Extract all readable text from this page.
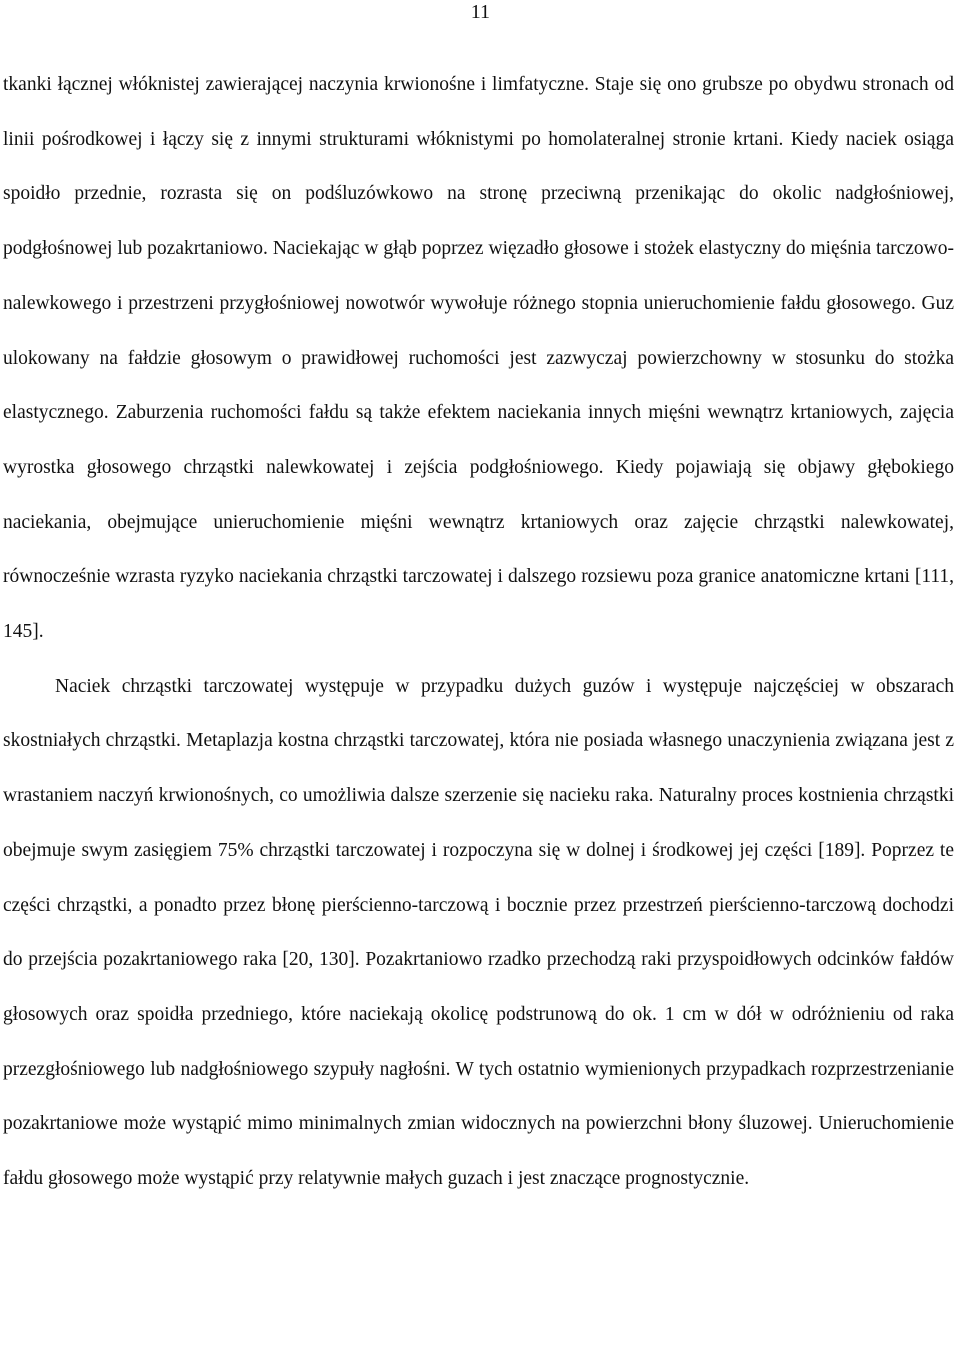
11

tkanki łącznej włóknistej zawierającej naczynia krwionośne i limfatyczne. Staje się ono grubsze po obydwu stronach od linii pośrodkowej i łączy się z innymi strukturami włóknistymi po homolateralnej stronie krtani. Kiedy naciek osiąga spoidło przednie, rozrasta się on podśluzówkowo na stronę przeciwną przenikając do okolic nadgłośniowej, podgłośnowej lub pozakrtaniowo. Naciekając w głąb poprzez więzadło głosowe i stożek elastyczny do mięśnia tarczowo-nalewkowego i przestrzeni przygłośniowej nowotwór wywołuje różnego stopnia unieruchomienie fałdu głosowego. Guz ulokowany na fałdzie głosowym o prawidłowej ruchomości jest zazwyczaj powierzchowny w stosunku do stożka elastycznego. Zaburzenia ruchomości fałdu są także efektem naciekania innych mięśni wewnątrz krtaniowych, zajęcia wyrostka głosowego chrząstki nalewkowatej i zejścia podgłośniowego. Kiedy pojawiają się objawy głębokiego naciekania, obejmujące unieruchomienie mięśni wewnątrz krtaniowych oraz zajęcie chrząstki nalewkowatej, równocześnie wzrasta ryzyko naciekania chrząstki tarczowatej i dalszego rozsiewu poza granice anatomiczne krtani [111, 145].

Naciek chrząstki tarczowatej występuje w przypadku dużych guzów i występuje najczęściej w obszarach skostniałych chrząstki. Metaplazja kostna chrząstki tarczowatej, która nie posiada własnego unaczynienia związana jest z wrastaniem naczyń krwionośnych, co umożliwia dalsze szerzenie się nacieku raka. Naturalny proces kostnienia chrząstki obejmuje swym zasięgiem 75% chrząstki tarczowatej i rozpoczyna się w dolnej i środkowej jej części [189]. Poprzez te części chrząstki, a ponadto przez błonę pierścienno-tarczową i bocznie przez przestrzeń pierścienno-tarczową dochodzi do przejścia pozakrtaniowego raka [20, 130]. Pozakrtaniowo rzadko przechodzą raki przyspoidłowych odcinków fałdów głosowych oraz spoidła przedniego, które naciekają okolicę podstrunową do ok. 1 cm w dół w odróżnieniu od raka przezgłośniowego lub nadgłośniowego szypuły nagłośni. W tych ostatnio wymienionych przypadkach rozprzestrzenianie pozakrtaniowe może wystąpić mimo minimalnych zmian widocznych na powierzchni błony śluzowej. Unieruchomienie fałdu głosowego może wystąpić przy relatywnie małych guzach i jest znaczące prognostycznie.
